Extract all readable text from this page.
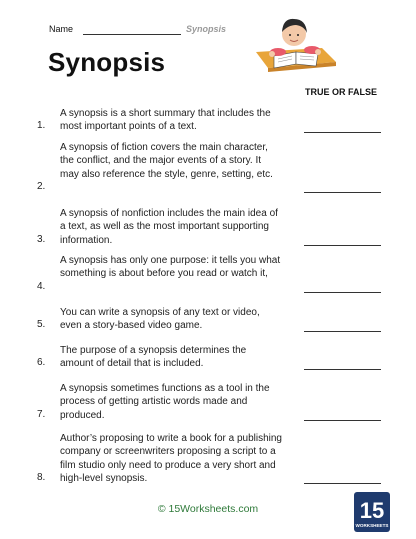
Name	Synopsis
Synopsis
TRUE OR FALSE
A synopsis is a short summary that includes the most important points of a text.
1.
A synopsis of fiction covers the main character, the conflict, and the major events of a story. It may also reference the style, genre, setting, etc.
2.
A synopsis of nonfiction includes the main idea of a text, as well as the most important supporting information.
3.
A synopsis has only one purpose: it tells you what something is about before you read or watch it,
4.
You can write a synopsis of any text or video, even a story-based video game.
5.
The purpose of a synopsis determines the amount of detail that is included.
6.
A synopsis sometimes functions as a tool in the process of getting artistic words made and produced.
7.
Author’s proposing to write a book for a publishing company or screenwriters proposing a script to a film studio only need to produce a very short and high-level synopsis.
8.
© 15Worksheets.com	15
WORKSHEETS
